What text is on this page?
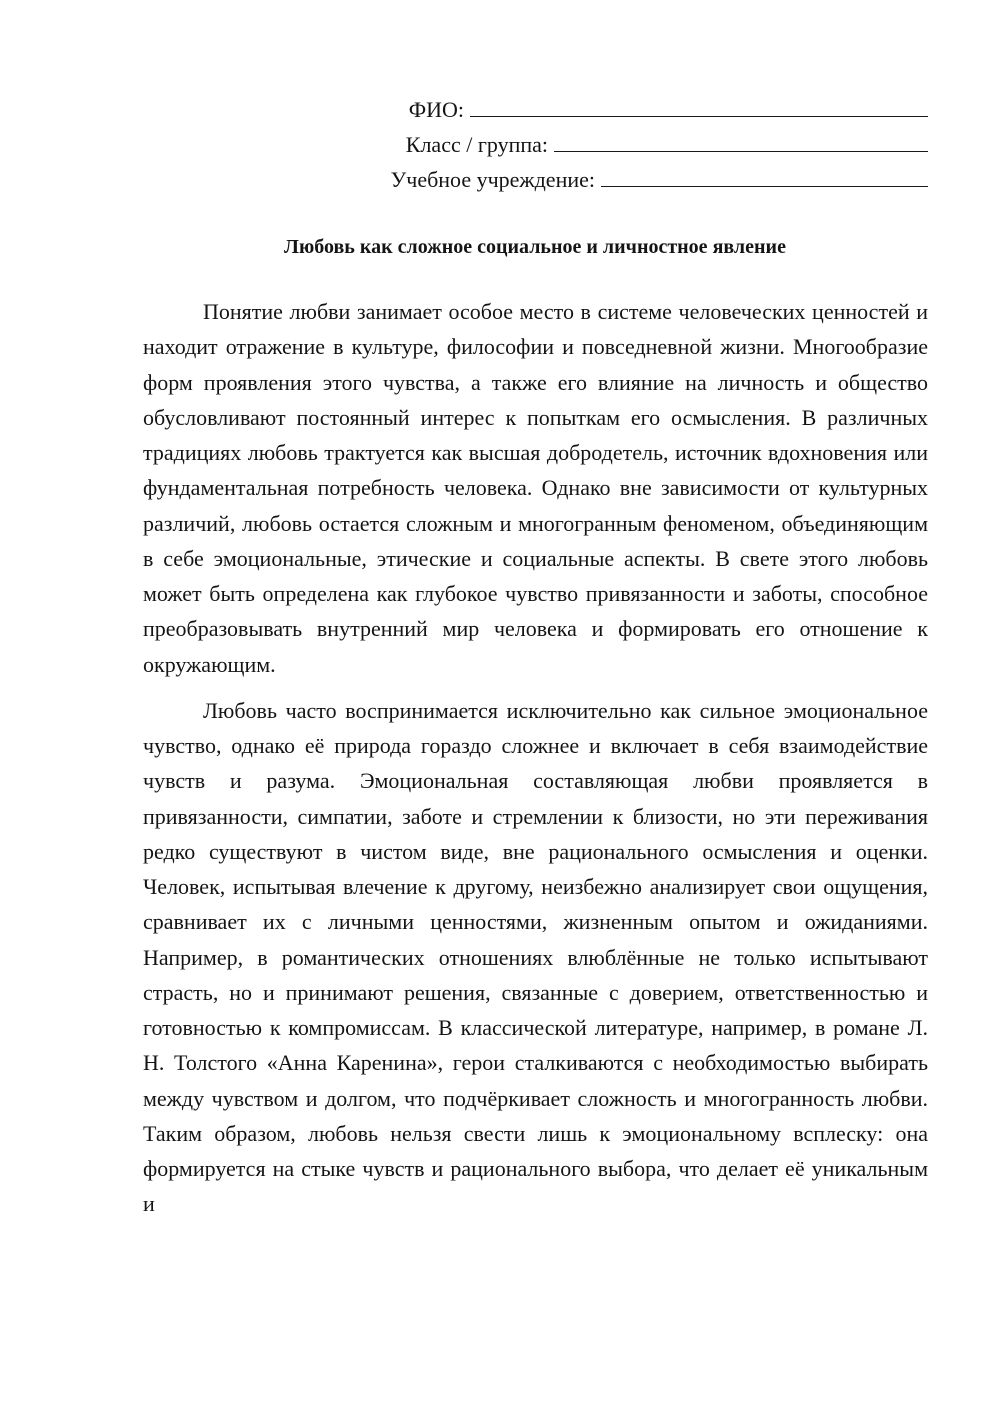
ФИО:
Класс / группа:
Учебное учреждение:
Любовь как сложное социальное и личностное явление

Понятие любви занимает особое место в системе человеческих ценностей и находит отражение в культуре, философии и повседневной жизни. Многообразие форм проявления этого чувства, а также его влияние на личность и общество обусловливают постоянный интерес к попыткам его осмысления. В различных традициях любовь трактуется как высшая добродетель, источник вдохновения или фундаментальная потребность человека. Однако вне зависимости от культурных различий, любовь остается сложным и многогранным феноменом, объединяющим в себе эмоциональные, этические и социальные аспекты. В свете этого любовь может быть определена как глубокое чувство привязанности и заботы, способное преобразовывать внутренний мир человека и формировать его отношение к окружающим.

Любовь часто воспринимается исключительно как сильное эмоциональное чувство, однако её природа гораздо сложнее и включает в себя взаимодействие чувств и разума. Эмоциональная составляющая любви проявляется в привязанности, симпатии, заботе и стремлении к близости, но эти переживания редко существуют в чистом виде, вне рационального осмысления и оценки. Человек, испытывая влечение к другому, неизбежно анализирует свои ощущения, сравнивает их с личными ценностями, жизненным опытом и ожиданиями. Например, в романтических отношениях влюблённые не только испытывают страсть, но и принимают решения, связанные с доверием, ответственностью и готовностью к компромиссам. В классической литературе, например, в романе Л. Н. Толстого «Анна Каренина», герои сталкиваются с необходимостью выбирать между чувством и долгом, что подчёркивает сложность и многогранность любви. Таким образом, любовь нельзя свести лишь к эмоциональному всплеску: она формируется на стыке чувств и рационального выбора, что делает её уникальным и
